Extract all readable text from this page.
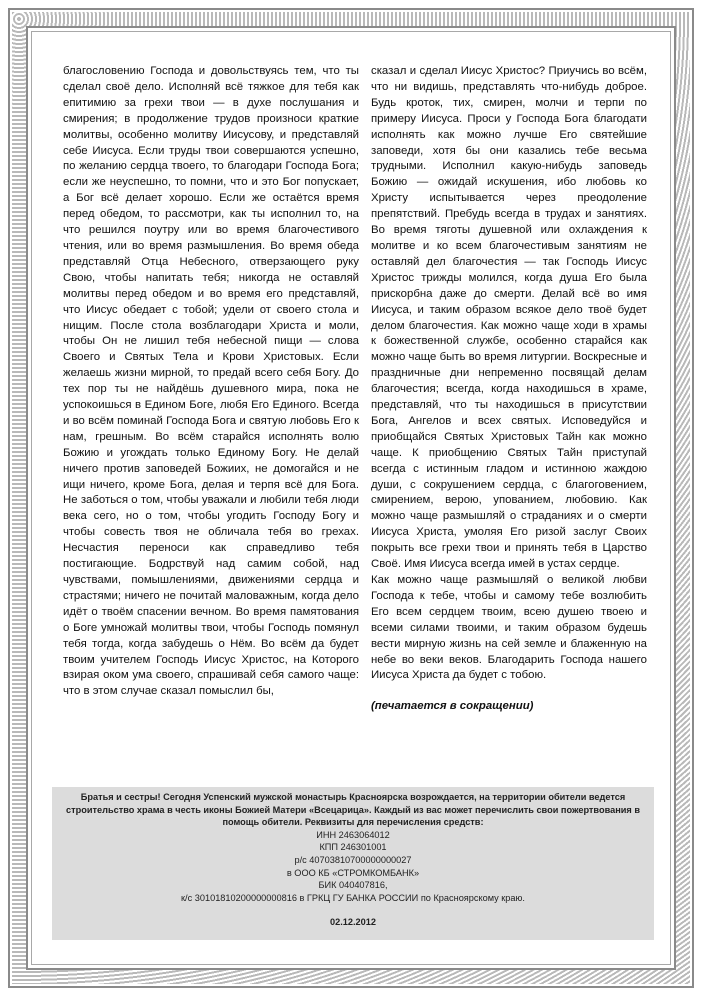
благословению Господа и довольствуясь тем, что ты сделал своё дело. Исполняй всё тяжкое для тебя как епитимию за грехи твои — в духе послушания и смирения; в продолжение трудов произноси краткие молитвы, особенно молитву Иисусову, и представляй себе Иисуса. Если труды твои совершаются успешно, по желанию сердца твоего, то благодари Господа Бога; если же неуспешно, то помни, что и это Бог попускает, а Бог всё делает хорошо. Если же остаётся время перед обедом, то рассмотри, как ты исполнил то, на что решился поутру или во время благочестивого чтения, или во время размышления. Во время обеда представляй Отца Небесного, отверзающего руку Свою, чтобы напитать тебя; никогда не оставляй молитвы перед обедом и во время его представляй, что Иисус обедает с тобой; удели от своего стола и нищим. После стола возблагодари Христа и моли, чтобы Он не лишил тебя небесной пищи — слова Своего и Святых Тела и Крови Христовых. Если желаешь жизни мирной, то предай всего себя Богу. До тех пор ты не найдёшь душевного мира, пока не успокоишься в Едином Боге, любя Его Единого. Всегда и во всём поминай Господа Бога и святую любовь Его к нам, грешным. Во всём старайся исполнять волю Божию и угождать только Единому Богу. Не делай ничего против заповедей Божиих, не домогайся и не ищи ничего, кроме Бога, делая и терпя всё для Бога. Не заботься о том, чтобы уважали и любили тебя люди века сего, но о том, чтобы угодить Господу Богу и чтобы совесть твоя не обличала тебя во грехах. Несчастия переноси как справедливо тебя постигающие. Бодрствуй над самим собой, над чувствами, помышлениями, движениями сердца и страстями; ничего не почитай маловажным, когда дело идёт о твоём спасении вечном. Во время памятования о Боге умножай молитвы твои, чтобы Господь помянул тебя тогда, когда забудешь о Нём. Во всём да будет твоим учителем Господь Иисус Христос, на Которого взирая оком ума своего, спрашивай себя самого чаще: что в этом случае сказал помыслил бы,

сказал и сделал Иисус Христос? Приучись во всём, что ни видишь, представлять что-нибудь доброе. Будь кроток, тих, смирен, молчи и терпи по примеру Иисуса. Проси у Господа Бога благодати исполнять как можно лучше Его святейшие заповеди, хотя бы они казались тебе весьма трудными. Исполнил какую-нибудь заповедь Божию — ожидай искушения, ибо любовь ко Христу испытывается через преодоление препятствий. Пребудь всегда в трудах и занятиях. Во время тяготы душевной или охлаждения к молитве и ко всем благочестивым занятиям не оставляй дел благочестия — так Господь Иисус Христос трижды молился, когда душа Его была прискорбна даже до смерти. Делай всё во имя Иисуса, и таким образом всякое дело твоё будет делом благочестия. Как можно чаще ходи в храмы к божественной службе, особенно старайся как можно чаще быть во время литургии. Воскресные и праздничные дни непременно посвящай делам благочестия; всегда, когда находишься в храме, представляй, что ты находишься в присутствии Бога, Ангелов и всех святых. Исповедуйся и приобщайся Святых Христовых Тайн как можно чаще. К приобщению Святых Тайн приступай всегда с истинным гладом и истинною жаждою души, с сокрушением сердца, с благоговением, смирением, верою, упованием, любовию. Как можно чаще размышляй о страданиях и о смерти Иисуса Христа, умоляя Его ризой заслуг Своих покрыть все грехи твои и принять тебя в Царство Своё. Имя Иисуса всегда имей в устах сердце.

Как можно чаще размышляй о великой любви Господа к тебе, чтобы и самому тебе возлюбить Его всем сердцем твоим, всею душею твоею и всеми силами твоими, и таким образом будешь вести мирную жизнь на сей земле и блаженную на небе во веки веков. Благодарить Господа нашего Иисуса Христа да будет с тобою.

(печатается в сокращении)

Братья и сестры! Сегодня Успенский мужской монастырь Красноярска возрождается, на территории обители ведется строительство храма в честь иконы Божией Матери «Всецарица». Каждый из вас может перечислить свои пожертвования в помощь обители. Реквизиты для перечисления средств:
ИНН 2463064012
КПП 246301001
р/с 40703810700000000027
в ООО КБ «СТРОМКОМБАНК»
БИК 040407816,
к/с 30101810200000000816 в ГРКЦ ГУ БАНКА РОССИИ по Красноярскому краю.
02.12.2012
